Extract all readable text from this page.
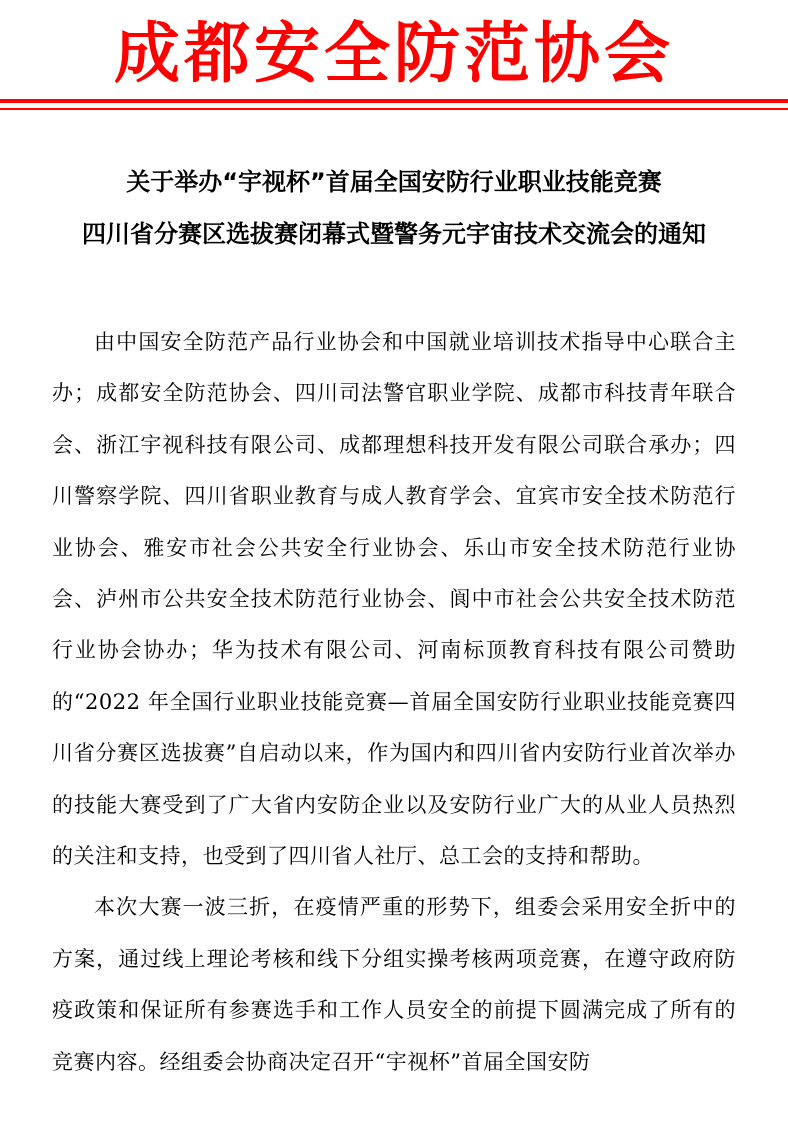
成都安全防范协会
关于举办“宇视杯”首届全国安防行业职业技能竞赛
四川省分赛区选拔赛闭幕式暨警务元宇宙技术交流会的通知

由中国安全防范产品行业协会和中国就业培训技术指导中心联合主办；成都安全防范协会、四川司法警官职业学院、成都市科技青年联合会、浙江宇视科技有限公司、成都理想科技开发有限公司联合承办；四川警察学院、四川省职业教育与成人教育学会、宜宾市安全技术防范行业协会、雅安市社会公共安全行业协会、乐山市安全技术防范行业协会、泸州市公共安全技术防范行业协会、阆中市社会公共安全技术防范行业协会协办；华为技术有限公司、河南标顶教育科技有限公司赞助的“2022 年全国行业职业技能竞赛—首届全国安防行业职业技能竞赛四川省分赛区选拔赛”自启动以来，作为国内和四川省内安防行业首次举办的技能大赛受到了广大省内安防企业以及安防行业广大的从业人员热烈的关注和支持，也受到了四川省人社厅、总工会的支持和帮助。

本次大赛一波三折，在疫情严重的形势下，组委会采用安全折中的方案，通过线上理论考核和线下分组实操考核两项竞赛，在遵守政府防疫政策和保证所有参赛选手和工作人员安全的前提下圆满完成了所有的竞赛内容。经组委会协商决定召开“宇视杯”首届全国安防
